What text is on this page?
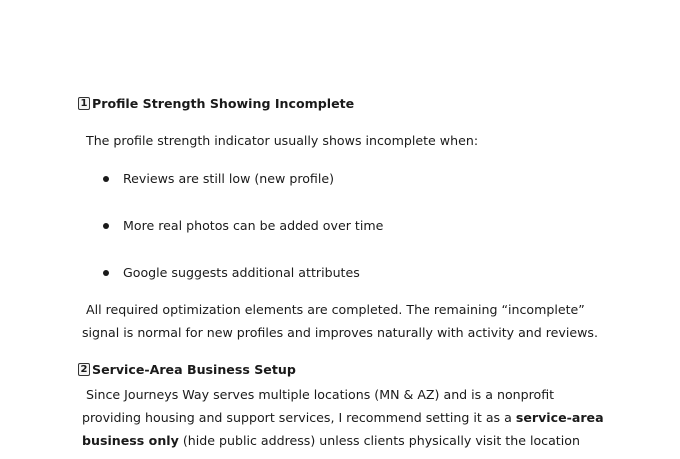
1 Profile Strength Showing Incomplete
The profile strength indicator usually shows incomplete when:
Reviews are still low (new profile)
More real photos can be added over time
Google suggests additional attributes
All required optimization elements are completed. The remaining “incomplete”
signal is normal for new profiles and improves naturally with activity and reviews.
2 Service-Area Business Setup
Since Journeys Way serves multiple locations (MN & AZ) and is a nonprofit
providing housing and support services, I recommend setting it as a service-area
business only (hide public address) unless clients physically visit the location
